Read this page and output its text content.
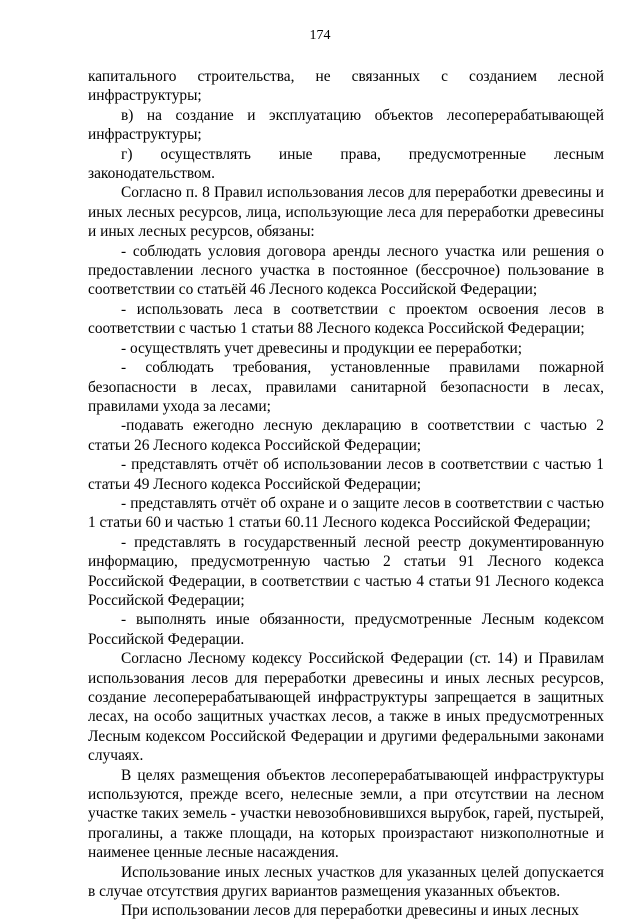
174

капитального строительства, не связанных с созданием лесной инфраструктуры;

в) на создание и эксплуатацию объектов лесоперерабатывающей инфраструктуры;

г) осуществлять иные права, предусмотренные лесным законодательством.

Согласно п. 8 Правил использования лесов для переработки древесины и иных лесных ресурсов, лица, использующие леса для переработки древесины и иных лесных ресурсов, обязаны:

- соблюдать условия договора аренды лесного участка или решения о предоставлении лесного участка в постоянное (бессрочное) пользование в соответствии со статьёй 46 Лесного кодекса Российской Федерации;

- использовать леса в соответствии с проектом освоения лесов в соответствии с частью 1 статьи 88 Лесного кодекса Российской Федерации;

- осуществлять учет древесины и продукции ее переработки;

- соблюдать требования, установленные правилами пожарной безопасности в лесах, правилами санитарной безопасности в лесах, правилами ухода за лесами;

-подавать ежегодно лесную декларацию в соответствии с частью 2 статьи 26 Лесного кодекса Российской Федерации;

- представлять отчёт об использовании лесов в соответствии с частью 1 статьи 49 Лесного кодекса Российской Федерации;

- представлять отчёт об охране и о защите лесов в соответствии с частью 1 статьи 60 и частью 1 статьи 60.11 Лесного кодекса Российской Федерации;

- представлять в государственный лесной реестр документированную информацию, предусмотренную частью 2 статьи 91 Лесного кодекса Российской Федерации, в соответствии с частью 4 статьи 91 Лесного кодекса Российской Федерации;

- выполнять иные обязанности, предусмотренные Лесным кодексом Российской Федерации.

Согласно Лесному кодексу Российской Федерации (ст. 14) и Правилам использования лесов для переработки древесины и иных лесных ресурсов, создание лесоперерабатывающей инфраструктуры запрещается в защитных лесах, на особо защитных участках лесов, а также в иных предусмотренных Лесным кодексом Российской Федерации и другими федеральными законами случаях.

В целях размещения объектов лесоперерабатывающей инфраструктуры используются, прежде всего, нелесные земли, а при отсутствии на лесном участке таких земель - участки невозобновившихся вырубок, гарей, пустырей, прогалины, а также площади, на которых произрастают низкополнотные и наименее ценные лесные насаждения.

Использование иных лесных участков для указанных целей допускается в случае отсутствия других вариантов размещения указанных объектов.

При использовании лесов для переработки древесины и иных лесных
